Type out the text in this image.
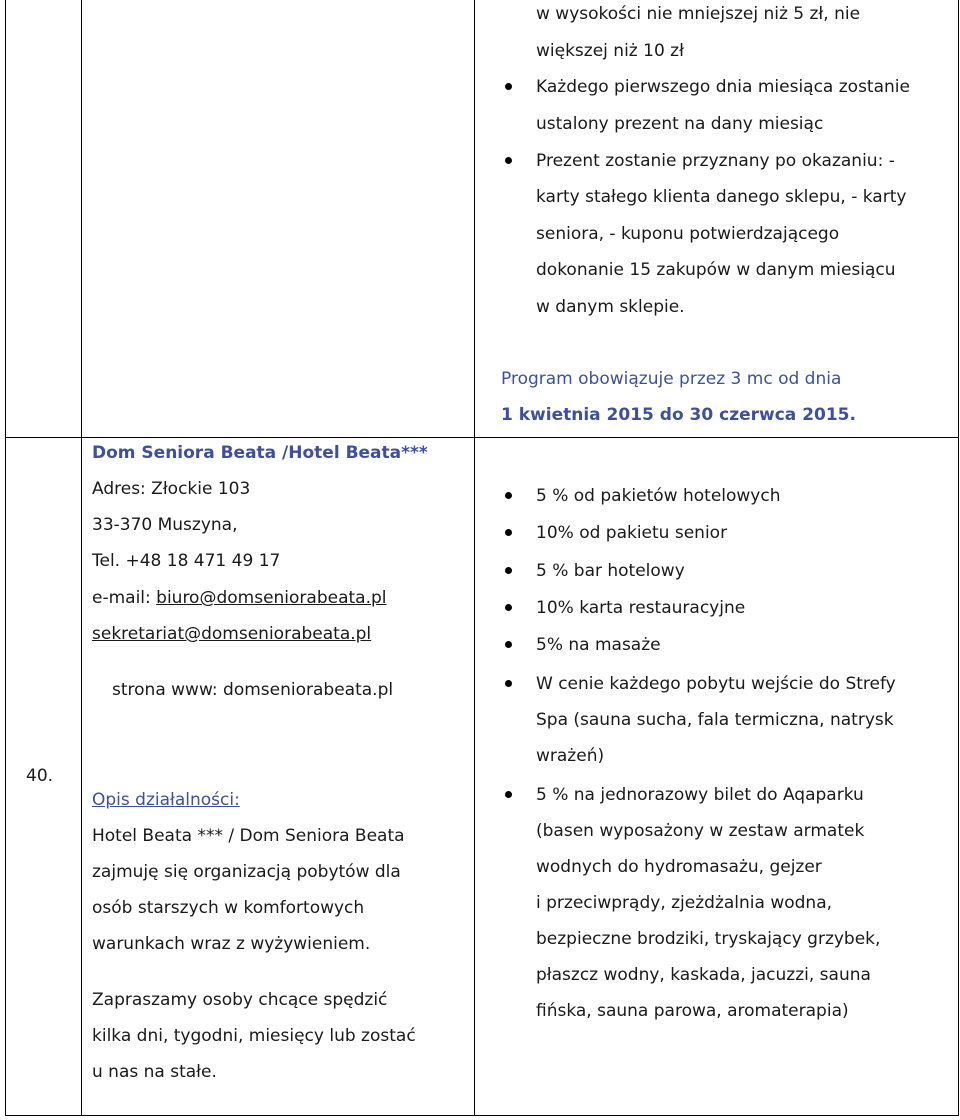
w wysokości nie mniejszej niż 5 zł, nie
większej niż 10 zł
Każdego pierwszego dnia miesiąca zostanie
ustalony prezent na dany miesiąc
Prezent zostanie przyznany po okazaniu: -
karty stałego klienta danego sklepu, - karty
seniora, - kuponu potwierdzającego
dokonanie 15 zakupów w danym miesiącu
w danym sklepie.
Program obowiązuje przez 3 mc od dnia
1 kwietnia 2015 do 30 czerwca 2015.
40.
Dom Seniora Beata /Hotel Beata***
Adres: Złockie 103
33-370 Muszyna,
Tel. +48 18 471 49 17
e-mail: biuro@domseniorabeata.pl
sekretariat@domseniorabeata.pl
strona www: domseniorabeata.pl
Opis działalności:
Hotel Beata *** / Dom Seniora Beata
zajmuję się organizacją pobytów dla
osób starszych w komfortowych
warunkach wraz z wyżywieniem.
Zapraszamy osoby chcące spędzić
kilka dni, tygodni, miesięcy lub zostać
u nas na stałe.
5 % od pakietów hotelowych
10% od pakietu senior
5 % bar hotelowy
10% karta restauracyjne
5% na masaże
W cenie każdego pobytu wejście do Strefy
Spa (sauna sucha, fala termiczna, natrysk
wrażeń)
5 % na jednorazowy bilet do Aqaparku
(basen wyposażony w zestaw armatek
wodnych do hydromasażu, gejzer
i przeciwprądy, zjeżdżalnia wodna,
bezpieczne brodziki, tryskający grzybek,
płaszcz wodny, kaskada, jacuzzi, sauna
fińska, sauna parowa, aromaterapia)
